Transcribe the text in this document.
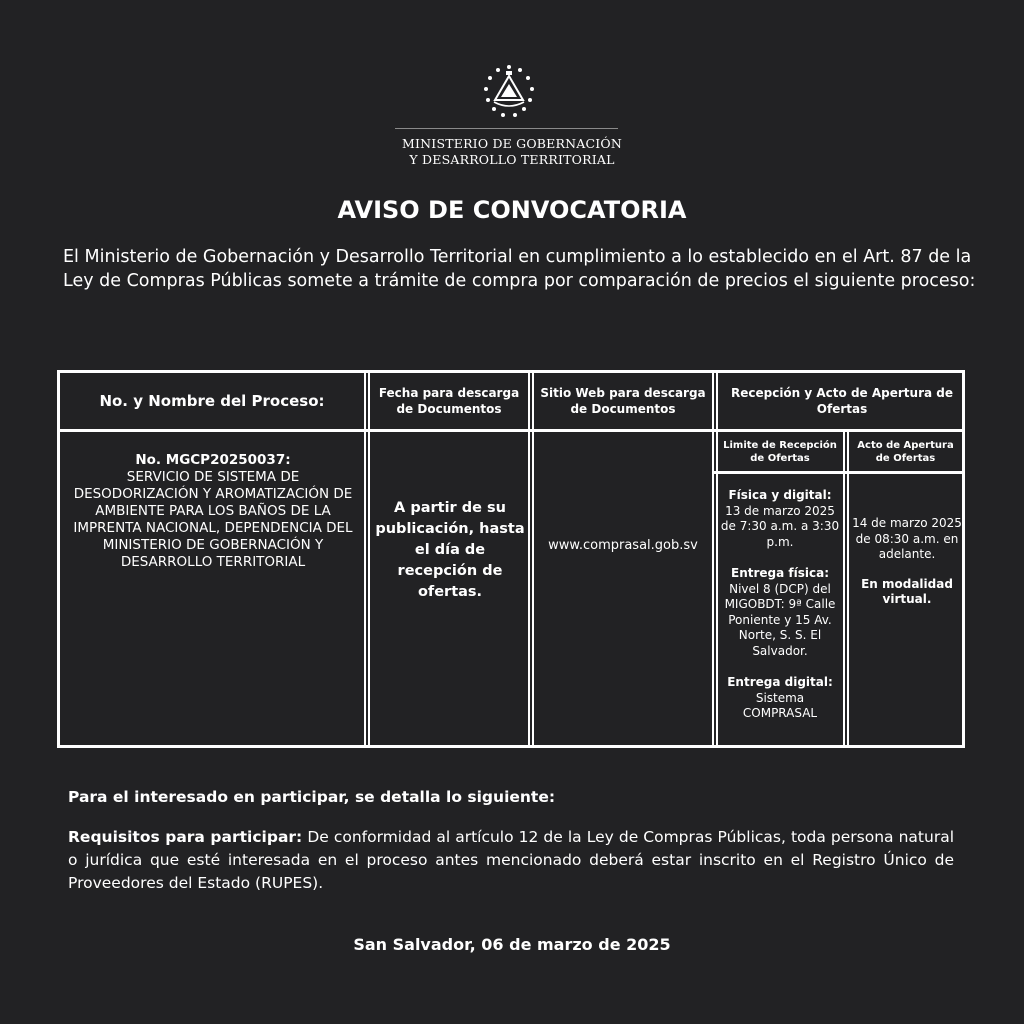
MINISTERIO DE GOBERNACIÓN
Y DESARROLLO TERRITORIAL
AVISO DE CONVOCATORIA
El Ministerio de Gobernación y Desarrollo Territorial en cumplimiento a lo establecido en el Art. 87 de la Ley de Compras Públicas somete a trámite de compra por comparación de precios el siguiente proceso:
No. y Nombre del Proceso:	Fecha para descarga de Documentos
Sitio Web para descarga de Documentos
Recepción y Acto de Apertura de Ofertas
Limite de Recepción de Ofertas
Acto de Apertura de Ofertas
No. MGCP20250037:
SERVICIO DE SISTEMA DE DESODORIZACIÓN Y AROMATIZACIÓN DE AMBIENTE PARA LOS BAÑOS DE LA IMPRENTA NACIONAL, DEPENDENCIA DEL MINISTERIO DE GOBERNACIÓN Y DESARROLLO TERRITORIAL
A partir de su publicación, hasta el día de recepción de ofertas.
www.comprasal.gob.sv
Física y digital:
13 de marzo 2025 de 7:30 a.m. a 3:30 p.m.
Entrega física:
Nivel 8 (DCP) del MIGOBDT: 9ª Calle Poniente y 15 Av. Norte, S. S. El Salvador.
Entrega digital:
Sistema COMPRASAL
14 de marzo 2025 de 08:30 a.m. en adelante.
En modalidad virtual.
Para el interesado en participar, se detalla lo siguiente:
Requisitos para participar: De conformidad al artículo 12 de la Ley de Compras Públicas, toda persona natural o jurídica que esté interesada en el proceso antes mencionado deberá estar inscrito en el Registro Único de Proveedores del Estado (RUPES).
San Salvador, 06 de marzo de 2025
